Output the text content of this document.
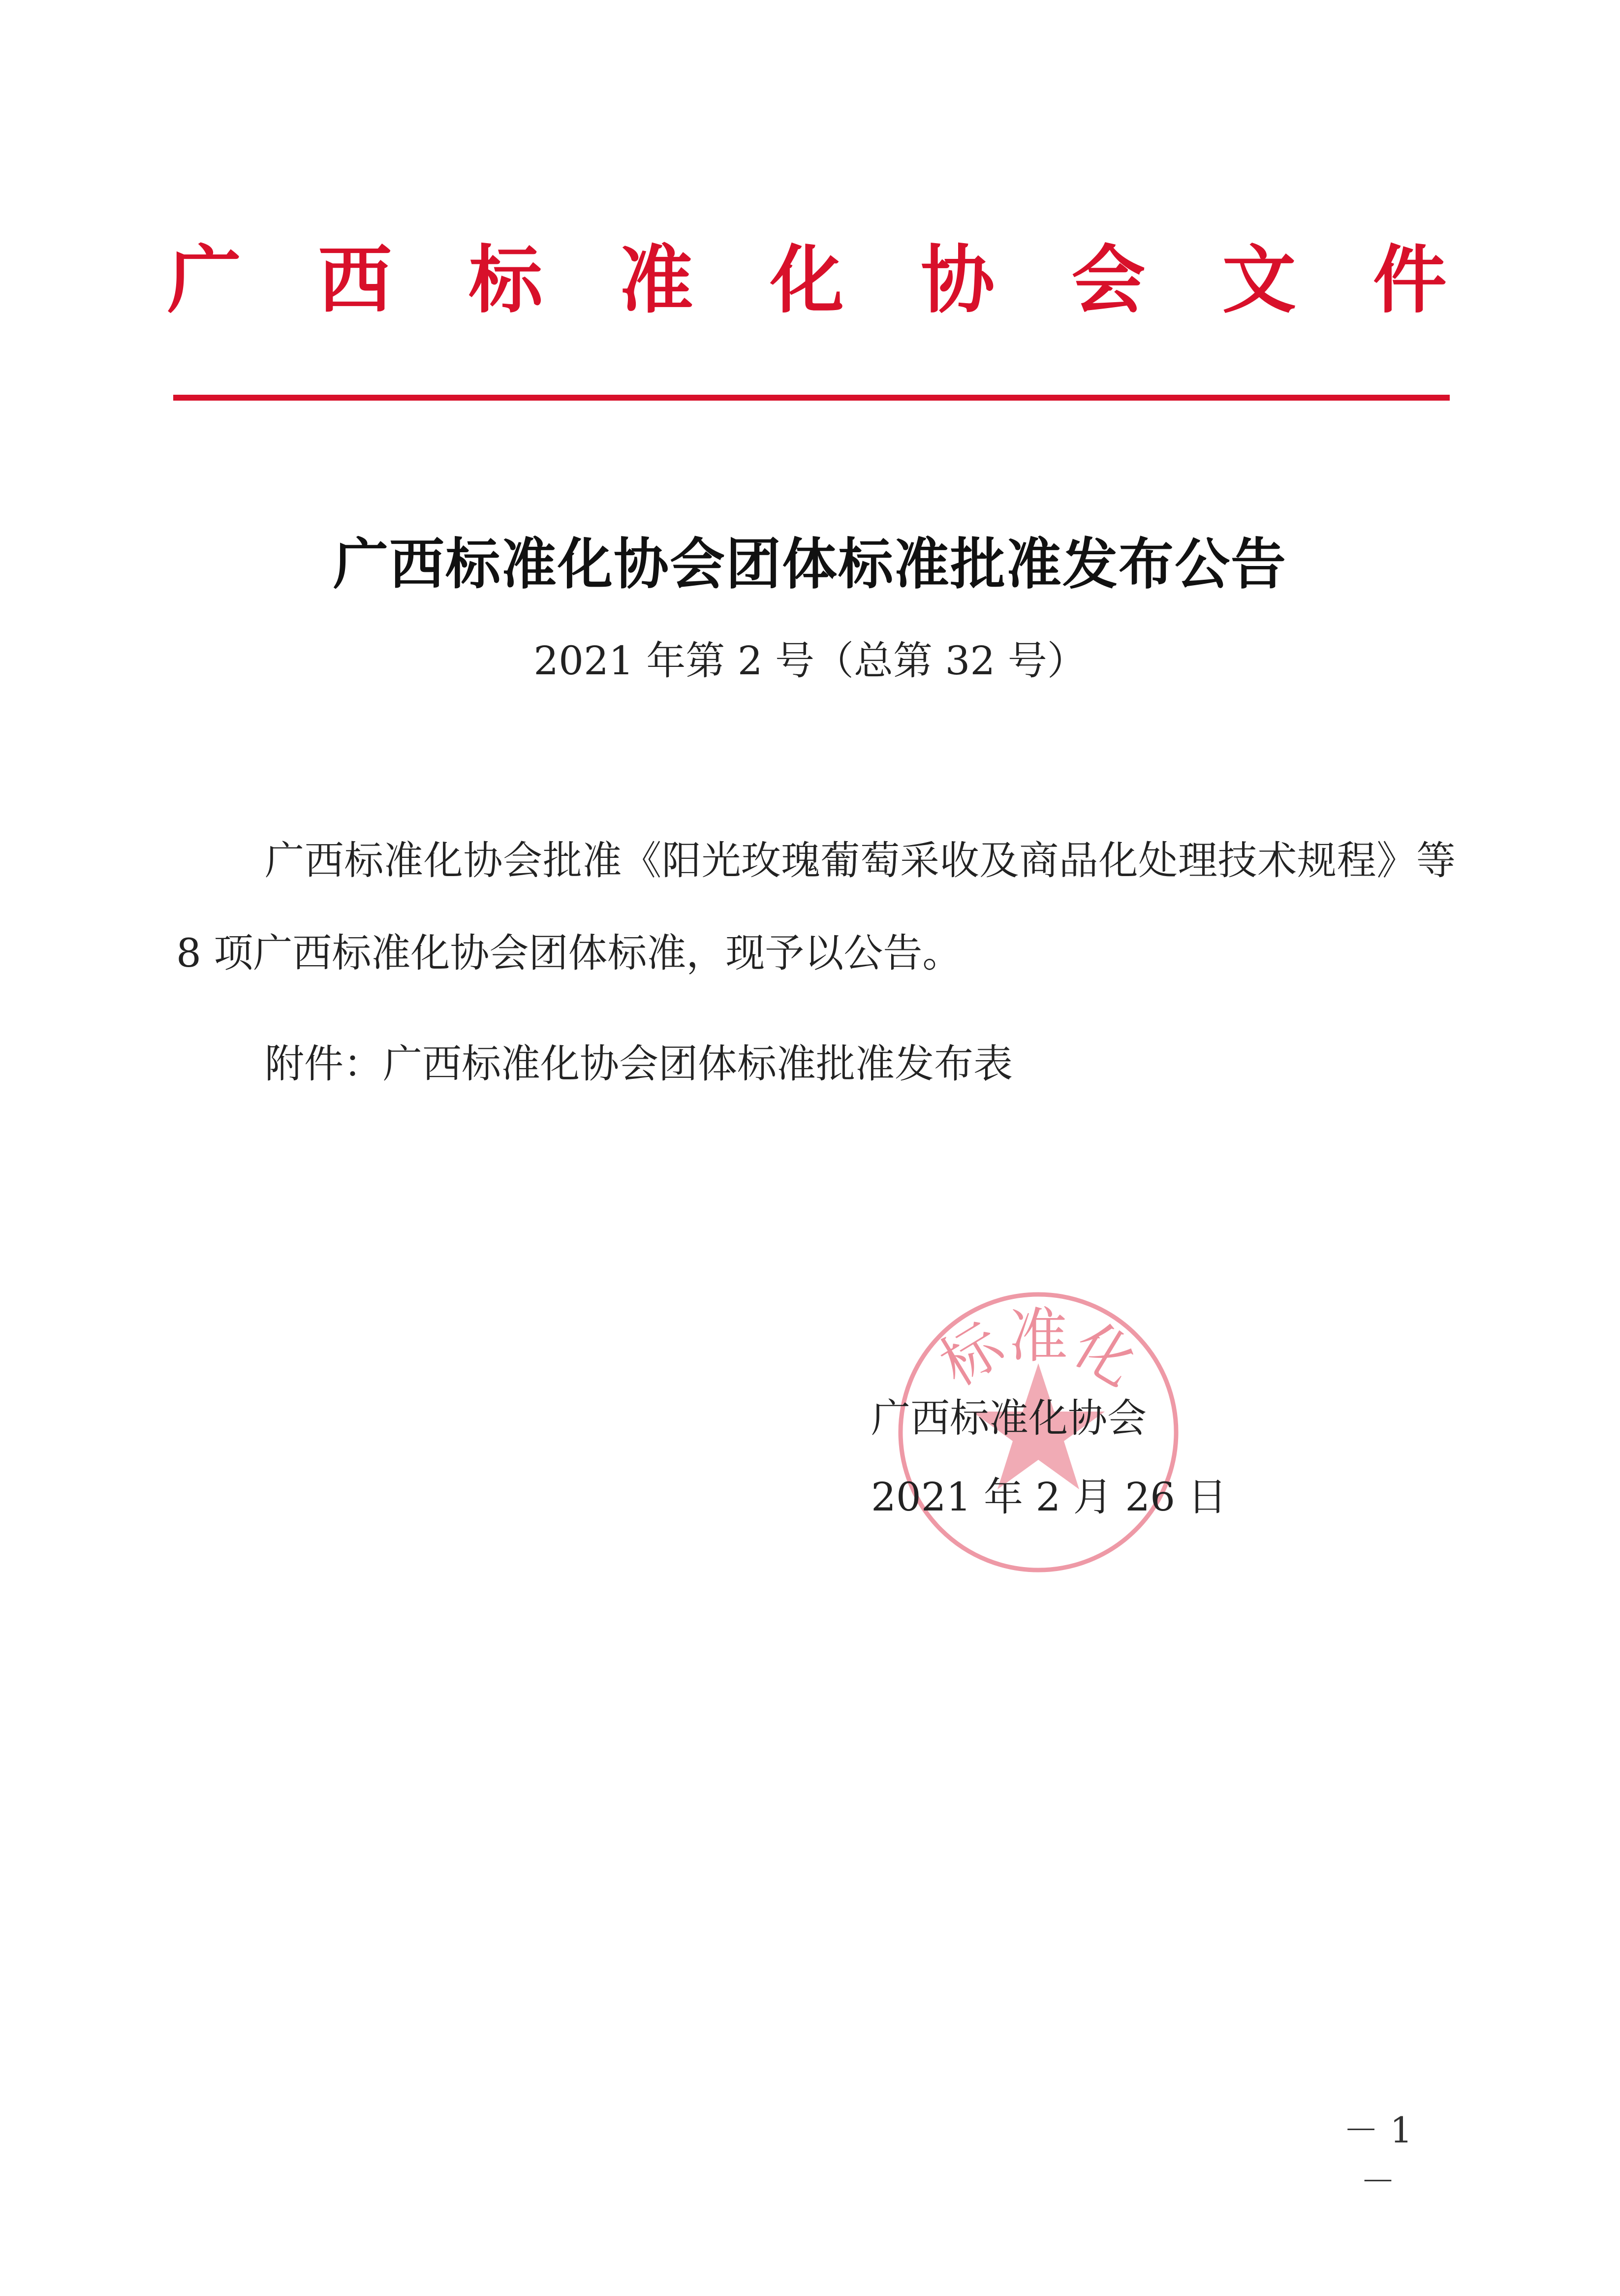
广 西 标 准 化 协 会 文 件
广西标准化协会团体标准批准发布公告
2021 年第 2 号（总第 32 号）
广西标准化协会批准《阳光玫瑰葡萄采收及商品化处理技术规程》等 8 项广西标准化协会团体标准，现予以公告。
附件：广西标准化协会团体标准批准发布表
标准化
广西标准化协会
2021 年 2 月 26 日
－ 1 －
